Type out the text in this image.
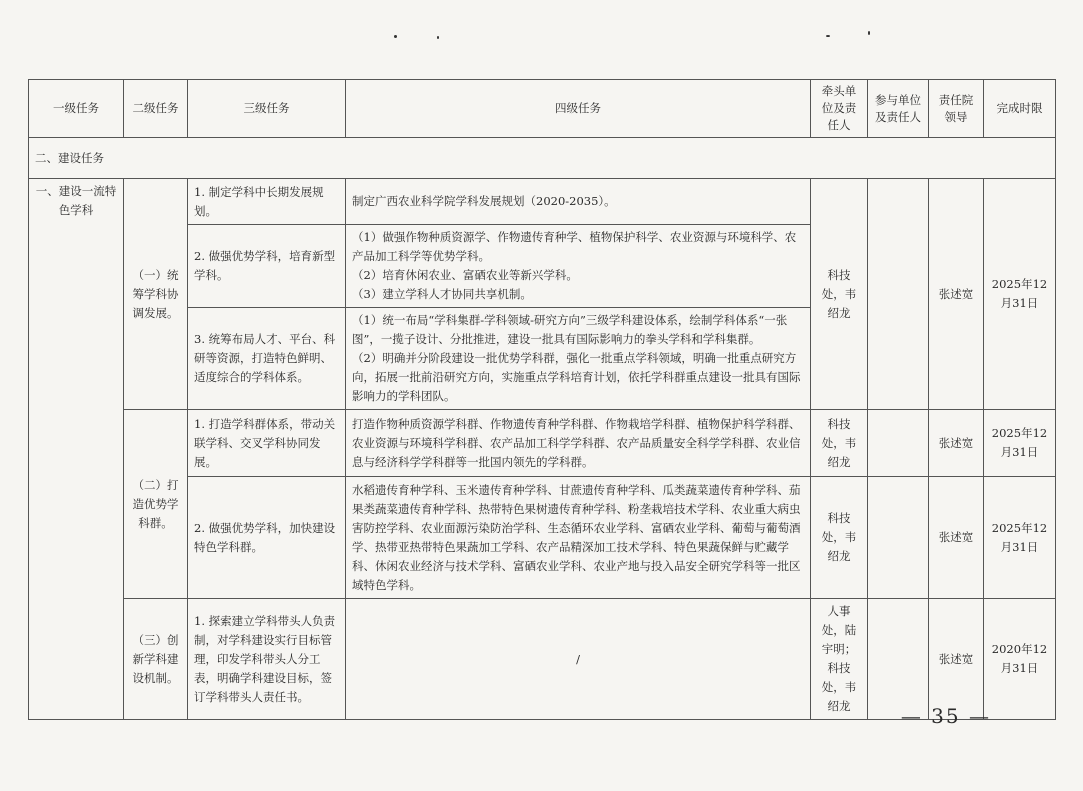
一级任务	二级任务	三级任务	四级任务	牵头单位及责任人	参与单位及责任人	责任院领导	完成时限
二、建设任务							
一、建设一流特色学科	（一）统筹学科协调发展。	1. 制定学科中长期发展规划。	制定广西农业科学院学科发展规划（2020-2035）。	科技处，韦绍龙		张述宽	2025年12月31日
		2. 做强优势学科，培育新型学科。	（1）做强作物种质资源学、作物遗传育种学、植物保护科学、农业资源与环境科学、农产品加工科学等优势学科。
（2）培育休闲农业、富硒农业等新兴学科。
（3）建立学科人才协同共享机制。				

		3. 统筹布局人才、平台、科研等资源，打造特色鲜明、适度综合的学科体系。	（1）统一布局“学科集群-学科领域-研究方向”三级学科建设体系，绘制学科体系“一张图”，一揽子设计、分批推进，建设一批具有国际影响力的拳头学科和学科集群。
（2）明确并分阶段建设一批优势学科群，强化一批重点学科领域，明确一批重点研究方向，拓展一批前沿研究方向，实施重点学科培育计划，依托学科群重点建设一批具有国际影响力的学科团队。				

	（二）打造优势学科群。	1. 打造学科群体系，带动关联学科、交叉学科协同发展。	打造作物种质资源学科群、作物遗传育种学科群、作物栽培学科群、植物保护科学科群、农业资源与环境科学科群、农产品加工科学学科群、农产品质量安全科学学科群、农业信息与经济科学学科群等一批国内领先的学科群。	科技处，韦绍龙		张述宽	2025年12月31日
		2. 做强优势学科，加快建设特色学科群。	水稻遗传育种学科、玉米遗传育种学科、甘蔗遗传育种学科、瓜类蔬菜遗传育种学科、茄果类蔬菜遗传育种学科、热带特色果树遗传育种学科、粉垄栽培技术学科、农业重大病虫害防控学科、农业面源污染防治学科、生态循环农业学科、富硒农业学科、葡萄与葡萄酒学、热带亚热带特色果蔬加工学科、农产品精深加工技术学科、特色果蔬保鲜与贮藏学科、休闲农业经济与技术学科、富硒农业学科、农业产地与投入品安全研究学科等一批区域特色学科。	科技处，韦绍龙		张述宽	2025年12月31日
	（三）创新学科建设机制。	1. 探索建立学科带头人负责制，对学科建设实行目标管理，印发学科带头人分工表，明确学科建设目标，签订学科带头人责任书。	/	人事处，陆宇明；科技处，韦绍龙		张述宽	2020年12月31日
— 35 —
